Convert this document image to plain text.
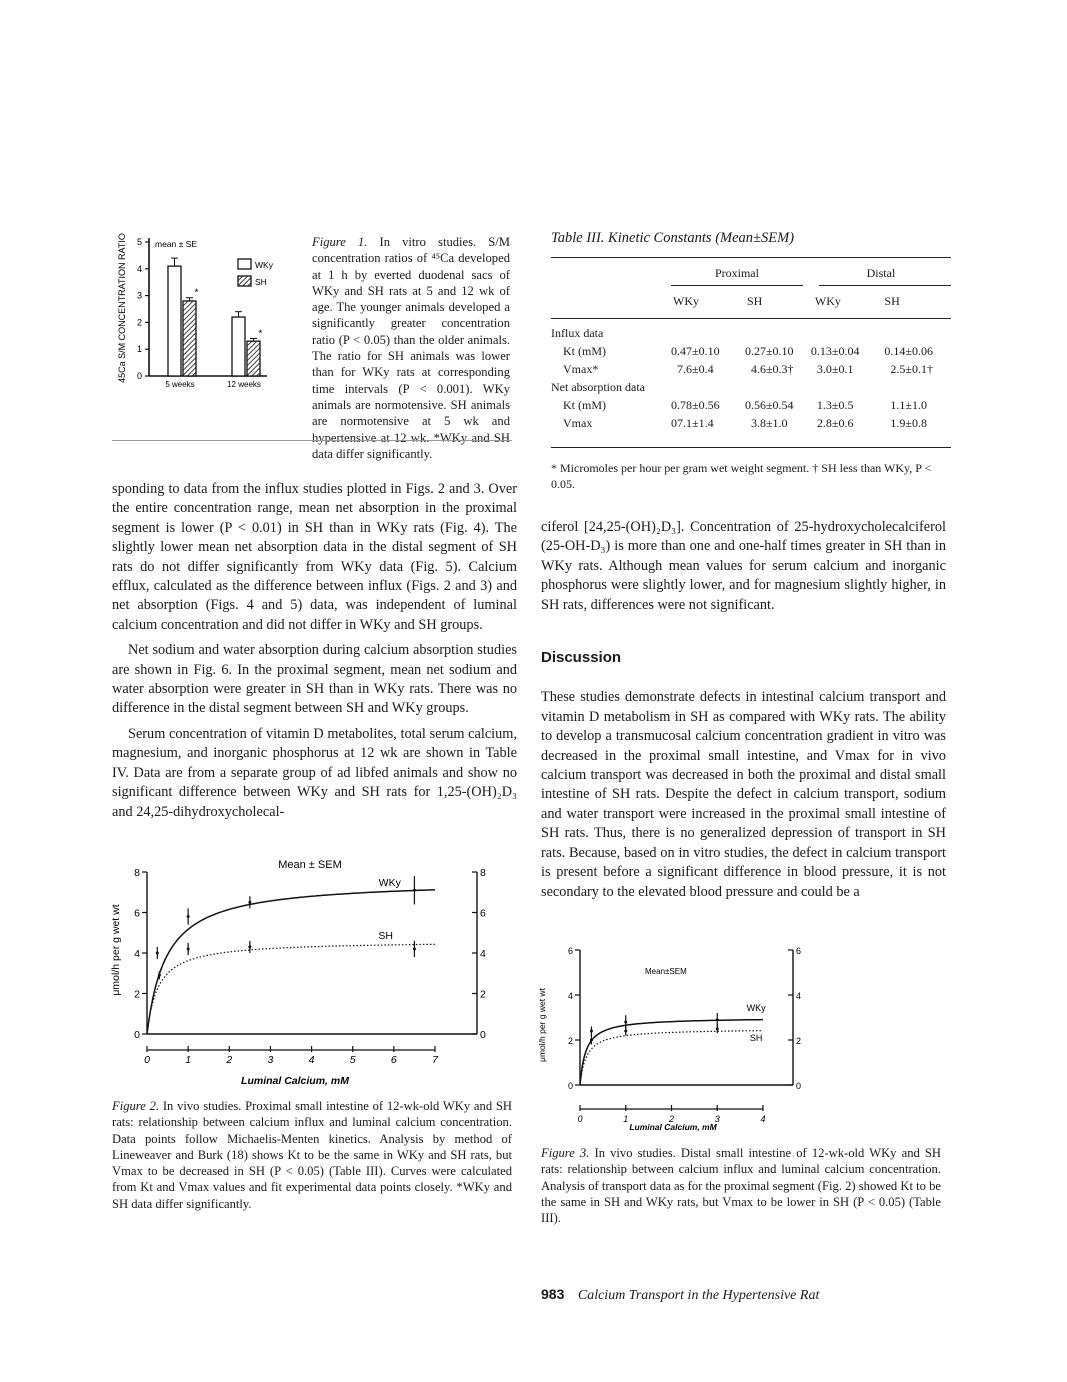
45Ca S/M CONCENTRATION RATIO	mean ± SE
0
1
2
3
4
5
*
*
5 weeks	12 weeks
WKy
SH
Figure 1. In vitro studies. S/M concentration ratios of ⁴⁵Ca developed at 1 h by everted duodenal sacs of WKy and SH rats at 5 and 12 wk of age. The younger animals developed a significantly greater concentration ratio (P < 0.05) than the older animals. The ratio for SH animals was lower than for WKy rats at corresponding time intervals (P < 0.001). WKy animals are normotensive. SH animals are normotensive at 5 wk and hypertensive at 12 wk. *WKy and SH data differ significantly.
Table III. Kinetic Constants (Mean±SEM)

	Proximal		Distal	

	WKy	SH	WKy	SH

Influx data				
Kt (mM)	0.47±0.10	0.27±0.10	0.13±0.04	0.14±0.06
Vmax*	7.6±0.4	4.6±0.3†	3.0±0.1	2.5±0.1†
Net absorption data				
Kt (mM)	0.78±0.56	0.56±0.54	1.3±0.5	1.1±1.0
Vmax	07.1±1.4	3.8±1.0	2.8±0.6	1.9±0.8
* Micromoles per hour per gram wet weight segment. † SH less than WKy, P < 0.05.

sponding to data from the influx studies plotted in Figs. 2 and 3. Over the entire concentration range, mean net absorption in the proximal segment is lower (P < 0.01) in SH than in WKy rats (Fig. 4). The slightly lower mean net absorption data in the distal segment of SH rats do not differ significantly from WKy data (Fig. 5). Calcium efflux, calculated as the difference between influx (Figs. 2 and 3) and net absorption (Figs. 4 and 5) data, was independent of luminal calcium concentration and did not differ in WKy and SH groups.

Net sodium and water absorption during calcium absorption studies are shown in Fig. 6. In the proximal segment, mean net sodium and water absorption were greater in SH than in WKy rats. There was no difference in the distal segment between SH and WKy groups.

Serum concentration of vitamin D metabolites, total serum calcium, magnesium, and inorganic phosphorus at 12 wk are shown in Table IV. Data are from a separate group of ad libfed animals and show no significant difference between WKy and SH rats for 1,25-(OH)₂D₃ and 24,25-dihydroxycholecal-

ciferol [24,25-(OH)₂D₃]. Concentration of 25-hydroxycholecalciferol (25-OH-D₃) is more than one and one-half times greater in SH than in WKy rats. Although mean values for serum calcium and inorganic phosphorus were slightly lower, and for magnesium slightly higher, in SH rats, differences were not significant.

Discussion

These studies demonstrate defects in intestinal calcium transport and vitamin D metabolism in SH as compared with WKy rats. The ability to develop a transmucosal calcium concentration gradient in vitro was decreased in the proximal small intestine, and Vmax for in vivo calcium transport was decreased in both the proximal and distal small intestine of SH rats. Despite the defect in calcium transport, sodium and water transport were increased in the proximal small intestine of SH rats. Thus, there is no generalized depression of transport in SH rats. Because, based on in vitro studies, the defect in calcium transport is present before a significant difference in blood pressure, it is not secondary to the elevated blood pressure and could be a

Mean ± SEM
μmol/h per g wet wt
Luminal Calcium, mM
0	0
2	2
4	4
6	6
8	8
0	1	2	3	4	5	6	7
WKy
SH
Figure 2. In vivo studies. Proximal small intestine of 12-wk-old WKy and SH rats: relationship between calcium influx and luminal calcium concentration. Data points follow Michaelis-Menten kinetics. Analysis by method of Lineweaver and Burk (18) shows Kt to be the same in WKy and SH rats, but Vmax to be decreased in SH (P < 0.05) (Table III). Curves were calculated from Kt and Vmax values and fit experimental data points closely. *WKy and SH data differ significantly.
Mean±SEM
μmol/h per g wet wt
Luminal Calcium, mM
0	0
2	2
4	4
6	6
0	1	2	3	4
WKy
SH
Figure 3. In vivo studies. Distal small intestine of 12-wk-old WKy and SH rats: relationship between calcium influx and luminal calcium concentration. Analysis of transport data as for the proximal segment (Fig. 2) showed Kt to be the same in SH and WKy rats, but Vmax to be lower in SH (P < 0.05) (Table III).
983 Calcium Transport in the Hypertensive Rat
